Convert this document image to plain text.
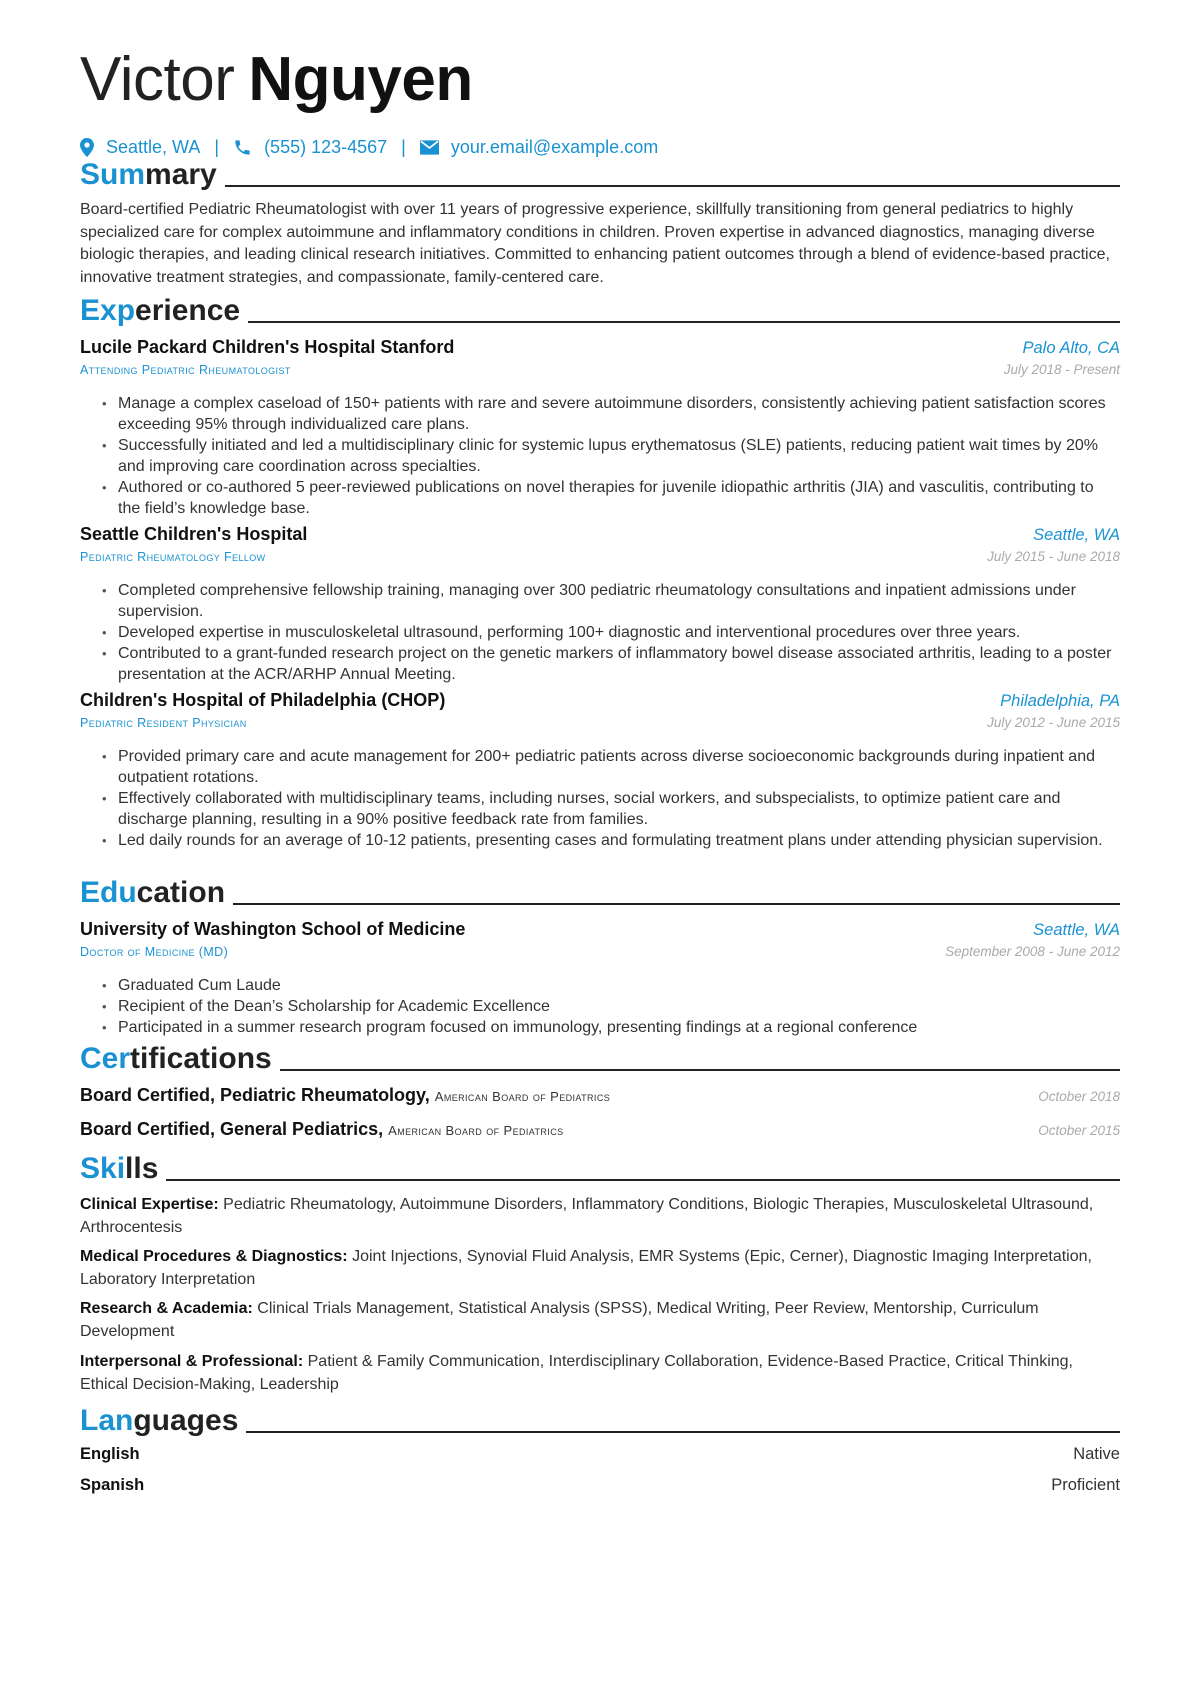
Victor Nguyen
Seattle, WA |	(555) 123-4567 |	your.email@example.com
Summary
Board-certified Pediatric Rheumatologist with over 11 years of progressive experience, skillfully transitioning from general pediatrics to highly specialized care for complex autoimmune and inflammatory conditions in children. Proven expertise in advanced diagnostics, managing diverse biologic therapies, and leading clinical research initiatives. Committed to enhancing patient outcomes through a blend of evidence-based practice, innovative treatment strategies, and compassionate, family-centered care.
Experience
Lucile Packard Children's Hospital Stanford	Palo Alto, CA
Attending Pediatric Rheumatologist	July 2018 - Present
• Manage a complex caseload of 150+ patients with rare and severe autoimmune disorders, consistently achieving patient satisfaction scores exceeding 95% through individualized care plans.
• Successfully initiated and led a multidisciplinary clinic for systemic lupus erythematosus (SLE) patients, reducing patient wait times by 20% and improving care coordination across specialties.
• Authored or co-authored 5 peer-reviewed publications on novel therapies for juvenile idiopathic arthritis (JIA) and vasculitis, contributing to the field’s knowledge base.
Seattle Children's Hospital	Seattle, WA
Pediatric Rheumatology Fellow	July 2015 - June 2018
• Completed comprehensive fellowship training, managing over 300 pediatric rheumatology consultations and inpatient admissions under supervision.
• Developed expertise in musculoskeletal ultrasound, performing 100+ diagnostic and interventional procedures over three years.
• Contributed to a grant-funded research project on the genetic markers of inflammatory bowel disease associated arthritis, leading to a poster presentation at the ACR/ARHP Annual Meeting.
Children's Hospital of Philadelphia (CHOP)	Philadelphia, PA
Pediatric Resident Physician	July 2012 - June 2015
• Provided primary care and acute management for 200+ pediatric patients across diverse socioeconomic backgrounds during inpatient and outpatient rotations.
• Effectively collaborated with multidisciplinary teams, including nurses, social workers, and subspecialists, to optimize patient care and discharge planning, resulting in a 90% positive feedback rate from families.
• Led daily rounds for an average of 10-12 patients, presenting cases and formulating treatment plans under attending physician supervision.
Education
University of Washington School of Medicine	Seattle, WA
Doctor of Medicine (MD)	September 2008 - June 2012
• Graduated Cum Laude
• Recipient of the Dean’s Scholarship for Academic Excellence
• Participated in a summer research program focused on immunology, presenting findings at a regional conference
Certifications
Board Certified, Pediatric Rheumatology, American Board of Pediatrics	October 2018
Board Certified, General Pediatrics, American Board of Pediatrics	October 2015
Skills
Clinical Expertise: Pediatric Rheumatology, Autoimmune Disorders, Inflammatory Conditions, Biologic Therapies, Musculoskeletal Ultrasound, Arthrocentesis
Medical Procedures & Diagnostics: Joint Injections, Synovial Fluid Analysis, EMR Systems (Epic, Cerner), Diagnostic Imaging Interpretation, Laboratory Interpretation
Research & Academia: Clinical Trials Management, Statistical Analysis (SPSS), Medical Writing, Peer Review, Mentorship, Curriculum Development
Interpersonal & Professional: Patient & Family Communication, Interdisciplinary Collaboration, Evidence-Based Practice, Critical Thinking, Ethical Decision-Making, Leadership
Languages
English	Native
Spanish	Proficient
